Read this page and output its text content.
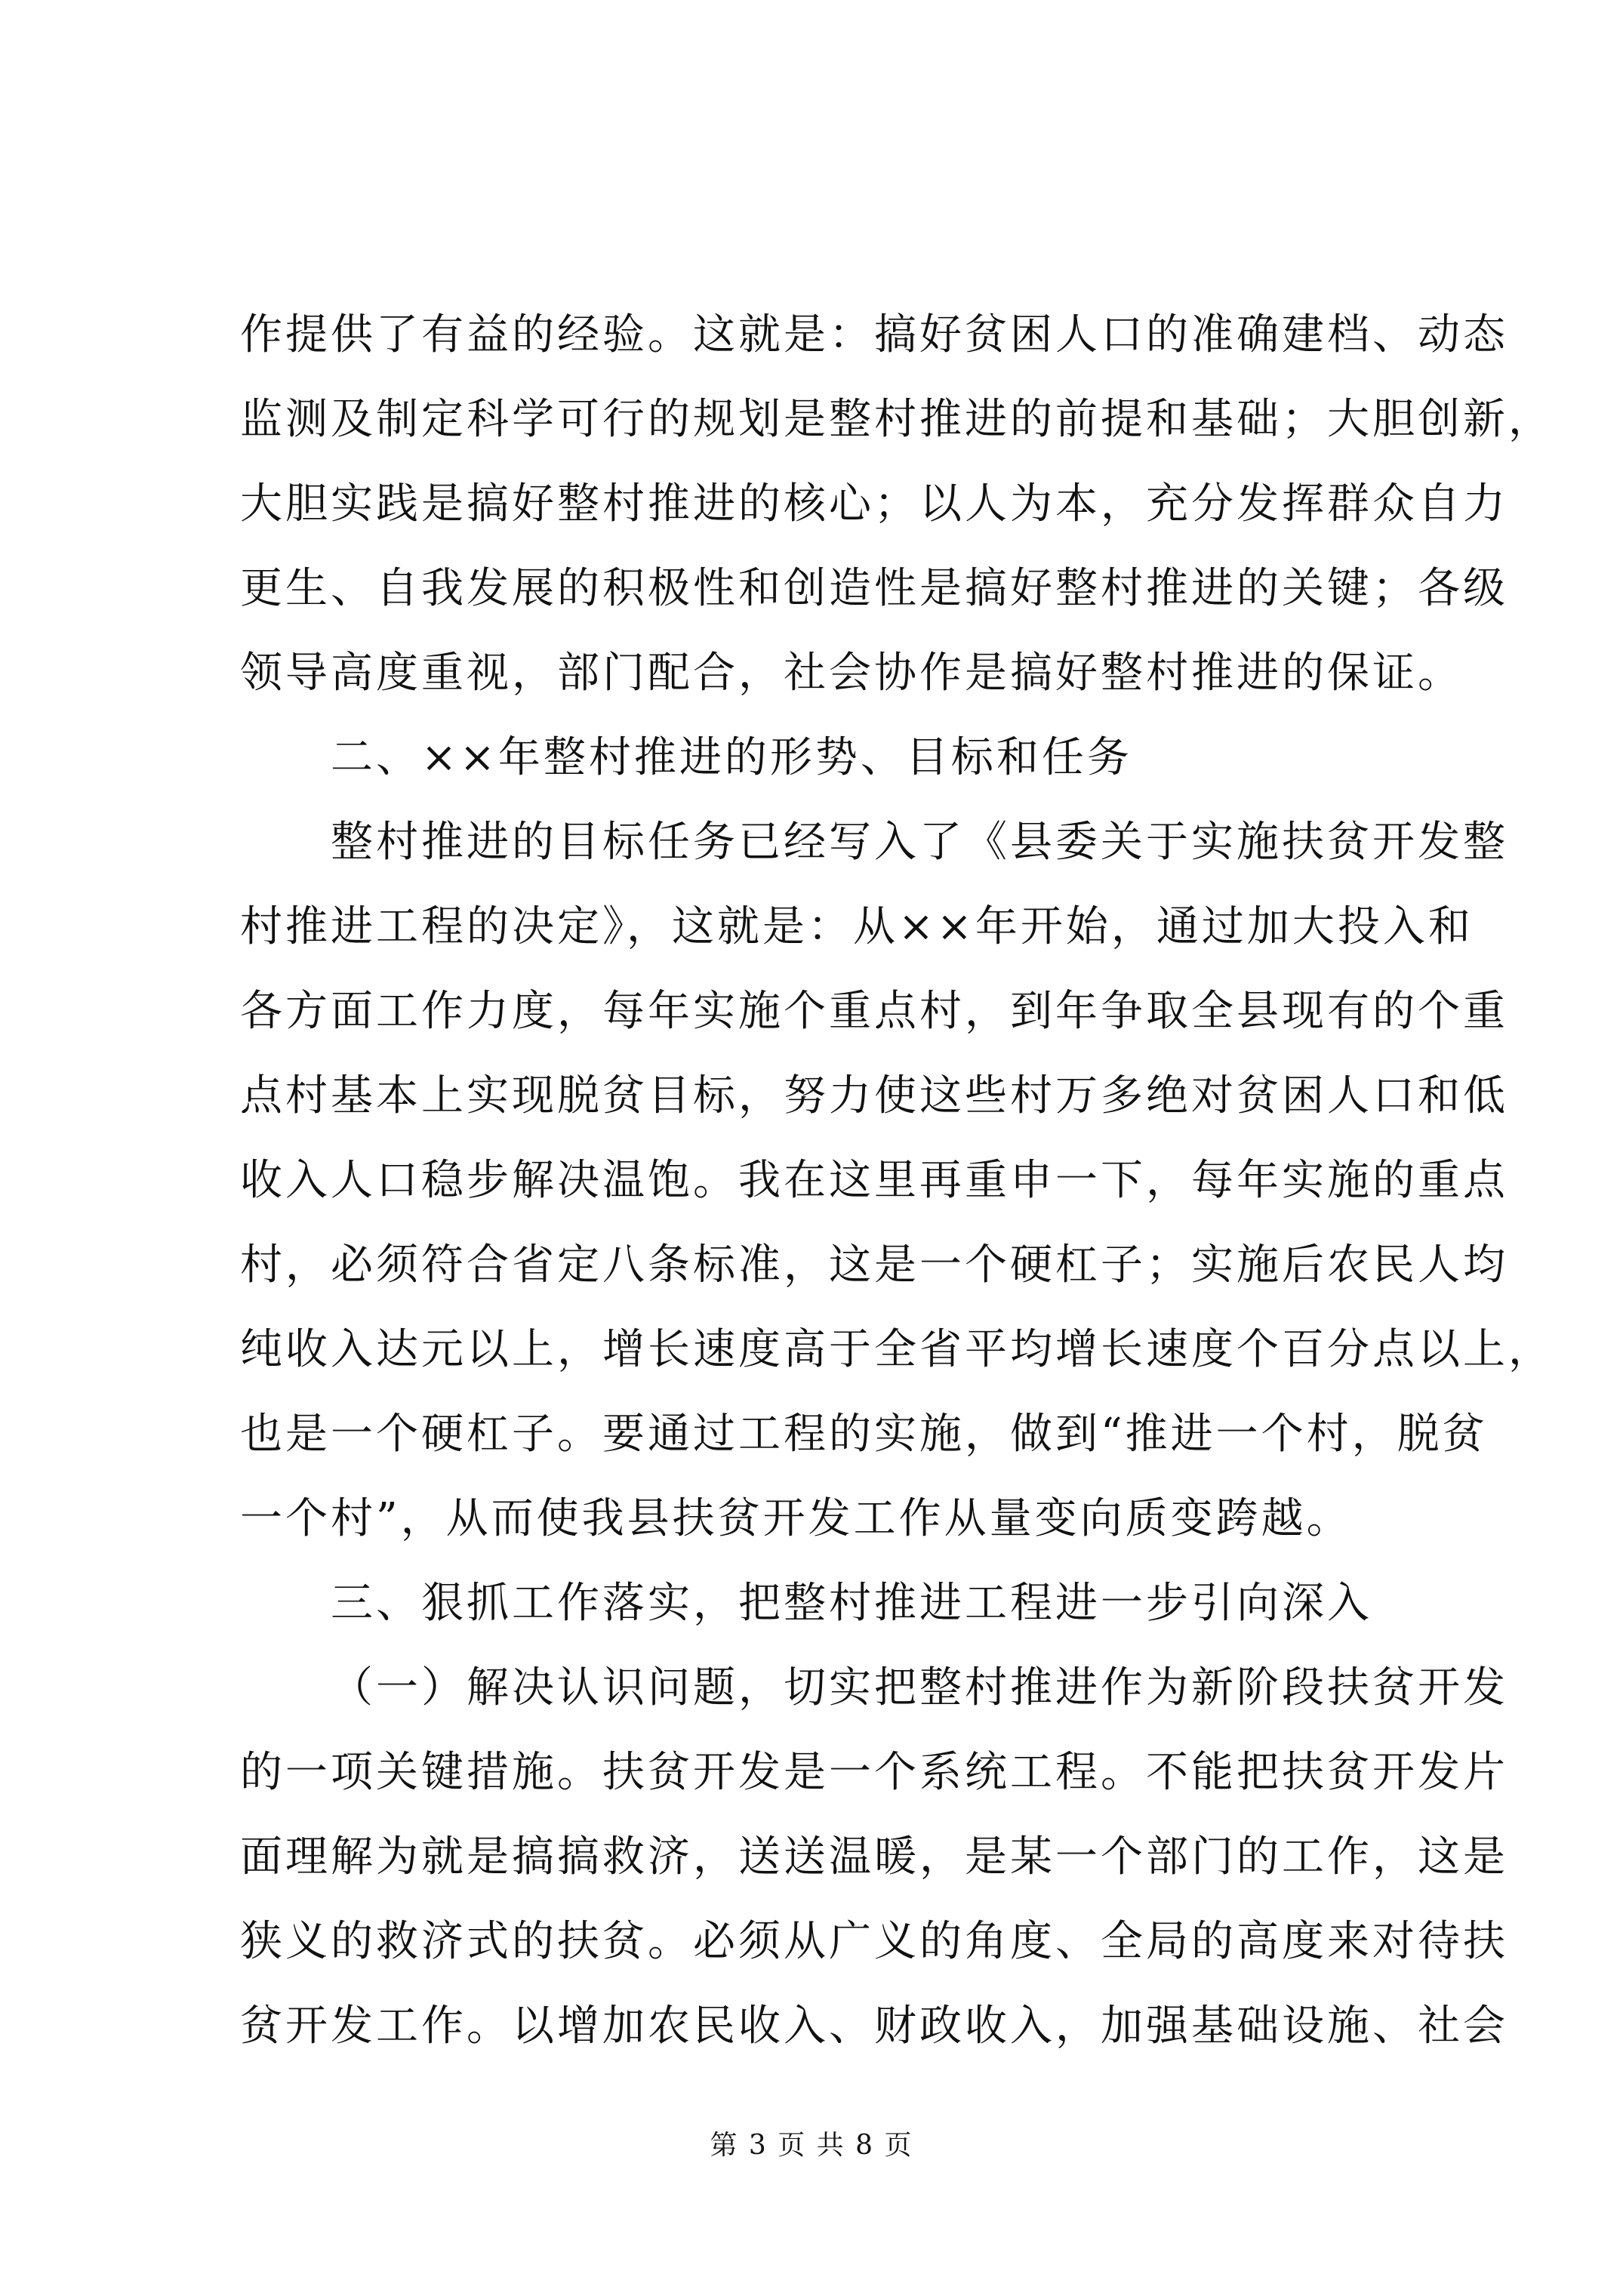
作提供了有益的经验。这就是：搞好贫困人口的准确建档、动态
监测及制定科学可行的规划是整村推进的前提和基础；大胆创新，
大胆实践是搞好整村推进的核心；以人为本，充分发挥群众自力
更生、自我发展的积极性和创造性是搞好整村推进的关键；各级
领导高度重视，部门配合，社会协作是搞好整村推进的保证。
二、××年整村推进的形势、目标和任务
整村推进的目标任务已经写入了《县委关于实施扶贫开发整
村推进工程的决定》，这就是：从××年开始，通过加大投入和
各方面工作力度，每年实施个重点村，到年争取全县现有的个重
点村基本上实现脱贫目标，努力使这些村万多绝对贫困人口和低
收入人口稳步解决温饱。我在这里再重申一下，每年实施的重点
村，必须符合省定八条标准，这是一个硬杠子；实施后农民人均
纯收入达元以上，增长速度高于全省平均增长速度个百分点以上，
也是一个硬杠子。要通过工程的实施，做到“推进一个村，脱贫
一个村”，从而使我县扶贫开发工作从量变向质变跨越。
三、狠抓工作落实，把整村推进工程进一步引向深入
（一）解决认识问题，切实把整村推进作为新阶段扶贫开发
的一项关键措施。扶贫开发是一个系统工程。不能把扶贫开发片
面理解为就是搞搞救济，送送温暖，是某一个部门的工作，这是
狭义的救济式的扶贫。必须从广义的角度、全局的高度来对待扶
贫开发工作。以增加农民收入、财政收入，加强基础设施、社会
第 3 页 共 8 页
